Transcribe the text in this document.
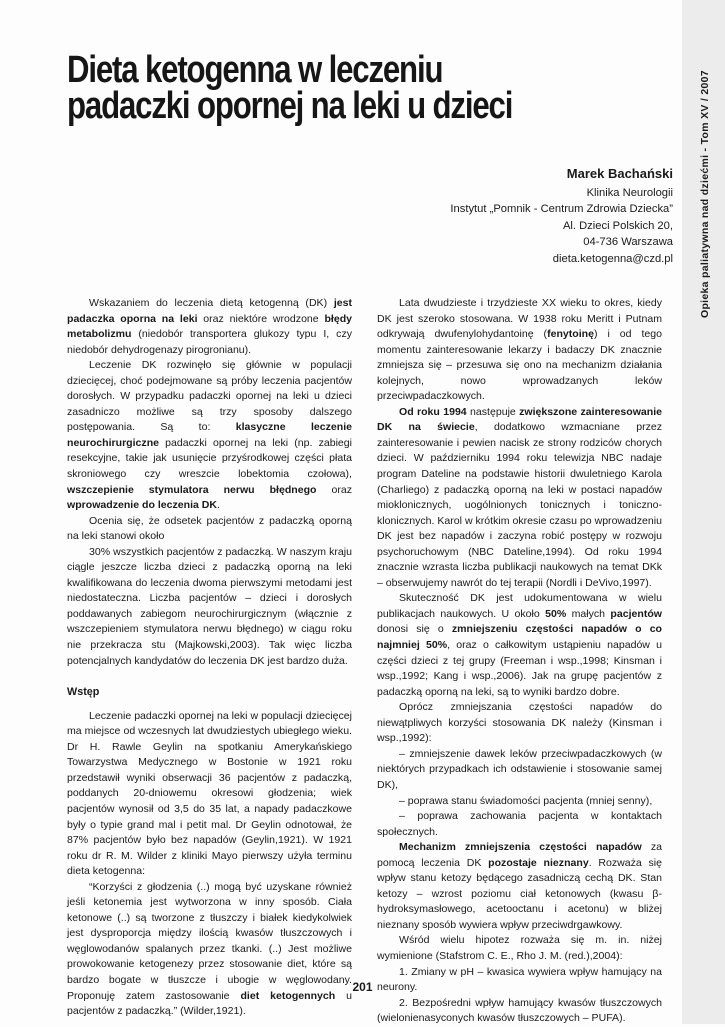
Opieka paliatywna nad dziećmi - Tom XV / 2007
Dieta ketogenna w leczeniu padaczki opornej na leki u dzieci
Marek Bachański
Klinika Neurologii
Instytut „Pomnik - Centrum Zdrowia Dziecka”
Al. Dzieci Polskich 20,
04-736 Warszawa
dieta.ketogenna@czd.pl

Wskazaniem do leczenia dietą ketogenną (DK) jest padaczka oporna na leki oraz niektóre wrodzone błędy metabolizmu (niedobór transportera glukozy typu I, czy niedobór dehydrogenazy pirogronianu).

Leczenie DK rozwinęło się głównie w populacji dziecięcej, choć podejmowane są próby leczenia pacjentów dorosłych. W przypadku padaczki opornej na leki u dzieci zasadniczo możliwe są trzy sposoby dalszego postępowania. Są to: klasyczne leczenie neurochirurgiczne padaczki opornej na leki (np. zabiegi resekcyjne, takie jak usunięcie przyśrodkowej części płata skroniowego czy wreszcie lobektomia czołowa), wszczepienie stymulatora nerwu błędnego oraz wprowadzenie do leczenia DK.

Ocenia się, że odsetek pacjentów z padaczką oporną na leki stanowi około

30% wszystkich pacjentów z padaczką. W naszym kraju ciągle jeszcze liczba dzieci z padaczką oporną na leki kwalifikowana do leczenia dwoma pierwszymi metodami jest niedostateczna. Liczba pacjentów – dzieci i dorosłych poddawanych zabiegom neurochirurgicznym (włącznie z wszczepieniem stymulatora nerwu błędnego) w ciągu roku nie przekracza stu (Majkowski,2003). Tak więc liczba potencjalnych kandydatów do leczenia DK jest bardzo duża.

Wstęp

Leczenie padaczki opornej na leki w populacji dziecięcej ma miejsce od wczesnych lat dwudziestych ubiegłego wieku. Dr H. Rawle Geylin na spotkaniu Amerykańskiego Towarzystwa Medycznego w Bostonie w 1921 roku przedstawił wyniki obserwacji 36 pacjentów z padaczką, poddanych 20-dniowemu okresowi głodzenia; wiek pacjentów wynosił od 3,5 do 35 lat, a napady padaczkowe były o typie grand mal i petit mal. Dr Geylin odnotował, że 87% pacjentów było bez napadów (Geylin,1921). W 1921 roku dr R. M. Wilder z kliniki Mayo pierwszy użyła terminu dieta ketogenna:

“Korzyści z głodzenia (..) mogą być uzyskane również jeśli ketonemia jest wytworzona w inny sposób. Ciała ketonowe (..) są tworzone z tłuszczy i białek kiedykolwiek jest dysproporcja między ilością kwasów tłuszczowych i węglowodanów spalanych przez tkanki. (..) Jest możliwe prowokowanie ketogenezy przez stosowanie diet, które są bardzo bogate w tłuszcze i ubogie w węglowodany. Proponuję zatem zastosowanie diet ketogennych u pacjentów z padaczką.” (Wilder,1921).

Lata dwudzieste i trzydzieste XX wieku to okres, kiedy DK jest szeroko stosowana. W 1938 roku Meritt i Putnam odkrywają dwufenylohydantoinę (fenytoinę) i od tego momentu zainteresowanie lekarzy i badaczy DK znacznie zmniejsza się – przesuwa się ono na mechanizm działania kolejnych, nowo wprowadzanych leków przeciwpadaczkowych.

Od roku 1994 następuje zwiększone zainteresowanie DK na świecie, dodatkowo wzmacniane przez zainteresowanie i pewien nacisk ze strony rodziców chorych dzieci. W październiku 1994 roku telewizja NBC nadaje program Dateline na podstawie historii dwuletniego Karola (Charliego) z padaczką oporną na leki w postaci napadów mioklonicznych, uogólnionych tonicznych i toniczno-klonicznych. Karol w krótkim okresie czasu po wprowadzeniu DK jest bez napadów i zaczyna robić postępy w rozwoju psychoruchowym (NBC Dateline,1994). Od roku 1994 znacznie wzrasta liczba publikacji naukowych na temat DKk – obserwujemy nawrót do tej terapii (Nordli i DeVivo,1997).

Skuteczność DK jest udokumentowana w wielu publikacjach naukowych. U około 50% małych pacjentów donosi się o zmniejszeniu częstości napadów o co najmniej 50%, oraz o całkowitym ustąpieniu napadów u części dzieci z tej grupy (Freeman i wsp.,1998; Kinsman i wsp.,1992; Kang i wsp.,2006). Jak na grupę pacjentów z padaczką oporną na leki, są to wyniki bardzo dobre.

Oprócz zmniejszania częstości napadów do niewątpliwych korzyści stosowania DK należy (Kinsman i wsp.,1992):

– zmniejszenie dawek leków przeciwpadaczkowych (w niektórych przypadkach ich odstawienie i stosowanie samej DK),

– poprawa stanu świadomości pacjenta (mniej senny),

– poprawa zachowania pacjenta w kontaktach społecznych.

Mechanizm zmniejszenia częstości napadów za pomocą leczenia DK pozostaje nieznany. Rozważa się wpływ stanu ketozy będącego zasadniczą cechą DK. Stan ketozy – wzrost poziomu ciał ketonowych (kwasu β-hydroksymasłowego, acetooctanu i acetonu) w bliżej nieznany sposób wywiera wpływ przeciwdrgawkowy.

Wśród wielu hipotez rozważa się m. in. niżej wymienione (Stafstrom C. E., Rho J. M. (red.),2004):

1. Zmiany w pH – kwasica wywiera wpływ hamujący na neurony.

2. Bezpośredni wpływ hamujący kwasów tłuszczowych (wielonienasyconych kwasów tłuszczowych – PUFA).

201
